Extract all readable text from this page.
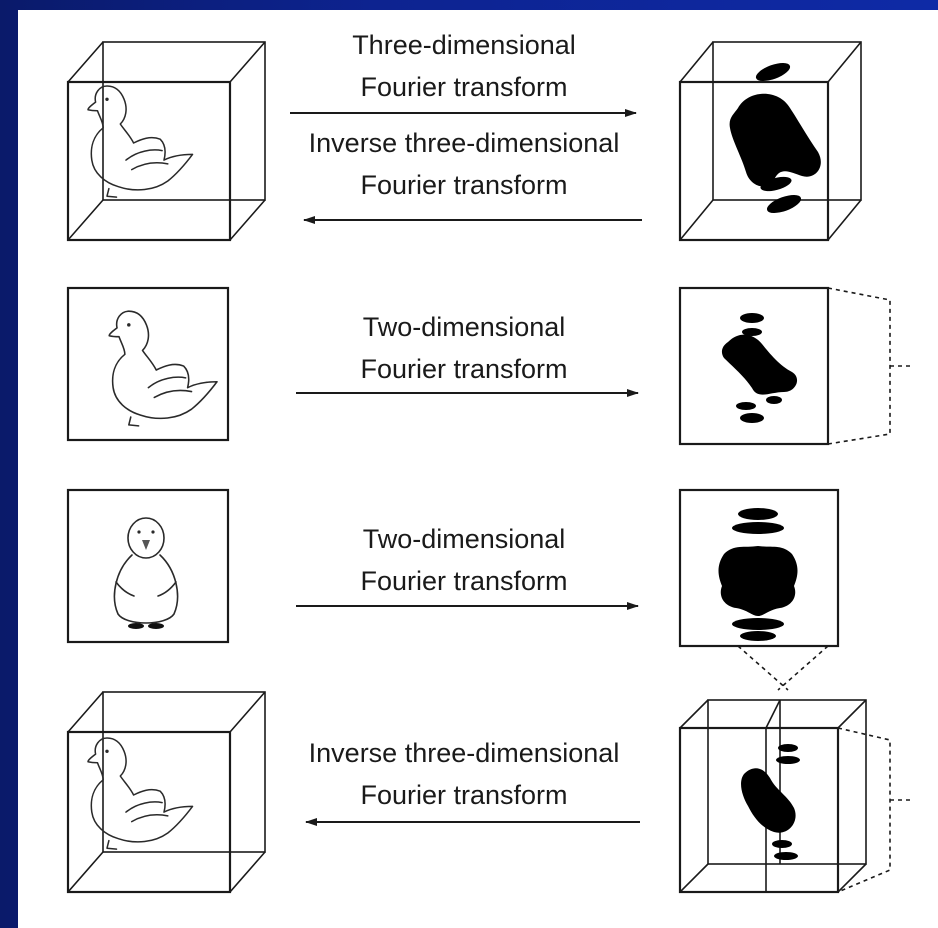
Three-dimensional
Fourier transform
Inverse three-dimensional
Fourier transform
Two-dimensional
Fourier transform
Two-dimensional
Fourier transform
Inverse three-dimensional
Fourier transform
